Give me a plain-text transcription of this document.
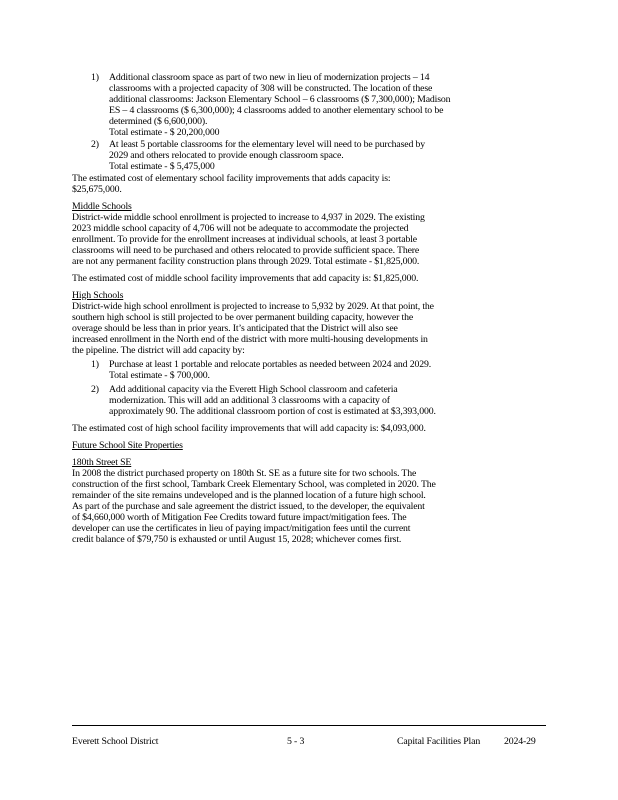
1) Additional classroom space as part of two new in lieu of modernization projects – 14
classrooms with a projected capacity of 308 will be constructed. The location of these
additional classrooms: Jackson Elementary School – 6 classrooms ($ 7,300,000); Madison
ES – 4 classrooms ($ 6,300,000); 4 classrooms added to another elementary school to be
determined ($ 6,600,000).
Total estimate - $ 20,200,000
2) At least 5 portable classrooms for the elementary level will need to be purchased by
2029 and others relocated to provide enough classroom space.
Total estimate - $ 5,475,000
The estimated cost of elementary school facility improvements that adds capacity is:
$25,675,000.
Middle Schools
District-wide middle school enrollment is projected to increase to 4,937 in 2029. The existing
2023 middle school capacity of 4,706 will not be adequate to accommodate the projected
enrollment. To provide for the enrollment increases at individual schools, at least 3 portable
classrooms will need to be purchased and others relocated to provide sufficient space. There
are not any permanent facility construction plans through 2029. Total estimate - $1,825,000.
The estimated cost of middle school facility improvements that add capacity is: $1,825,000.
High Schools
District-wide high school enrollment is projected to increase to 5,932 by 2029. At that point, the
southern high school is still projected to be over permanent building capacity, however the
overage should be less than in prior years. It’s anticipated that the District will also see
increased enrollment in the North end of the district with more multi-housing developments in
the pipeline. The district will add capacity by:
1) Purchase at least 1 portable and relocate portables as needed between 2024 and 2029.
Total estimate - $ 700,000.
2) Add additional capacity via the Everett High School classroom and cafeteria
modernization. This will add an additional 3 classrooms with a capacity of
approximately 90. The additional classroom portion of cost is estimated at $3,393,000.
The estimated cost of high school facility improvements that will add capacity is: $4,093,000.
Future School Site Properties
180th Street SE
In 2008 the district purchased property on 180th St. SE as a future site for two schools. The
construction of the first school, Tambark Creek Elementary School, was completed in 2020. The
remainder of the site remains undeveloped and is the planned location of a future high school.
As part of the purchase and sale agreement the district issued, to the developer, the equivalent
of $4,660,000 worth of Mitigation Fee Credits toward future impact/mitigation fees. The
developer can use the certificates in lieu of paying impact/mitigation fees until the current
credit balance of $79,750 is exhausted or until August 15, 2028; whichever comes first.
Everett School District	5 - 3	Capital Facilities Plan 2024-29
